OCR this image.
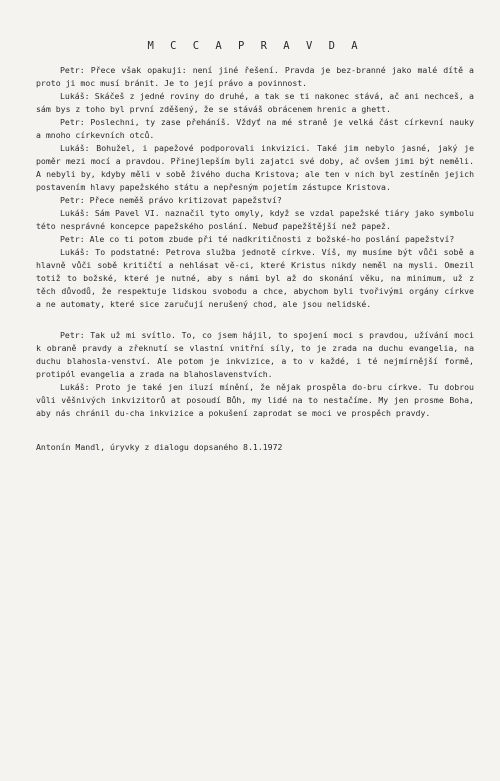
M C C A P R A V D A

Petr: Přece však opakuji: není jiné řešení. Pravda je bez-branné jako malé dítě a proto ji moc musí bránit. Je to její právo a povinnost.

Lukáš: Skáčeš z jedné roviny do druhé, a tak se ti nakonec stává, ač ani nechceš, a sám bys z toho byl první zděšený, že se stáváš obrácenem hrenic a ghett.

Petr: Poslechni, ty zase přeháníš. Vždyť na mé straně je velká část církevní nauky a mnoho církevních otců.

Lukáš: Bohužel, i papežové podporovali inkvizici. Také jim nebylo jasné, jaký je poměr mezi mocí a pravdou. Přinejlepším byli zajatci své doby, ač ovšem jimi být neměli. A nebyli by, kdyby měli v sobě živého ducha Kristova; ale ten v nich byl zestíněn jejich postavením hlavy papežského státu a nepřesným pojetím zástupce Kristova.

Petr: Přece neměš právo kritizovat papežství?

Lukáš: Sám Pavel VI. naznačil tyto omyly, když se vzdal papežské tiáry jako symbolu této nesprávné koncepce papežského poslání. Nebuď papežštější než papež.

Petr: Ale co ti potom zbude při té nadkritičnosti z božské-ho poslání papežství?

Lukáš: To podstatné: Petrova služba jednotě církve. Víš, my musíme být vůči sobě a hlavně vůči sobě kritičtí a nehlásat vě-ci, které Kristus nikdy neměl na mysli. Omezil totiž to božské, které je nutné, aby s námi byl až do skonání věku, na minimum, už z těch důvodů, že respektuje lidskou svobodu a chce, abychom byli tvořivými orgány církve a ne automaty, které sice zaručují nerušený chod, ale jsou nelidské.

Petr: Tak už mi svítlo. To, co jsem hájil, to spojení moci s pravdou, užívání moci k obraně pravdy a zřeknutí se vlastní vnitřní síly, to je zrada na duchu evangelia, na duchu blahosla-venství. Ale potom je inkvizice, a to v každé, i té nejmírnější formě, protipól evangelia a zrada na blahoslavenstvích.

Lukáš: Proto je také jen iluzí mínění, že nějak prospěla do-bru církve. Tu dobrou vůli věšnivých inkvizitorů at posoudí Bůh, my lidé na to nestačíme. My jen prosme Boha, aby nás chránil du-cha inkvizice a pokušení zaprodat se moci ve prospěch pravdy.

Antonín Mandl, úryvky z dialogu dopsaného 8.1.1972
